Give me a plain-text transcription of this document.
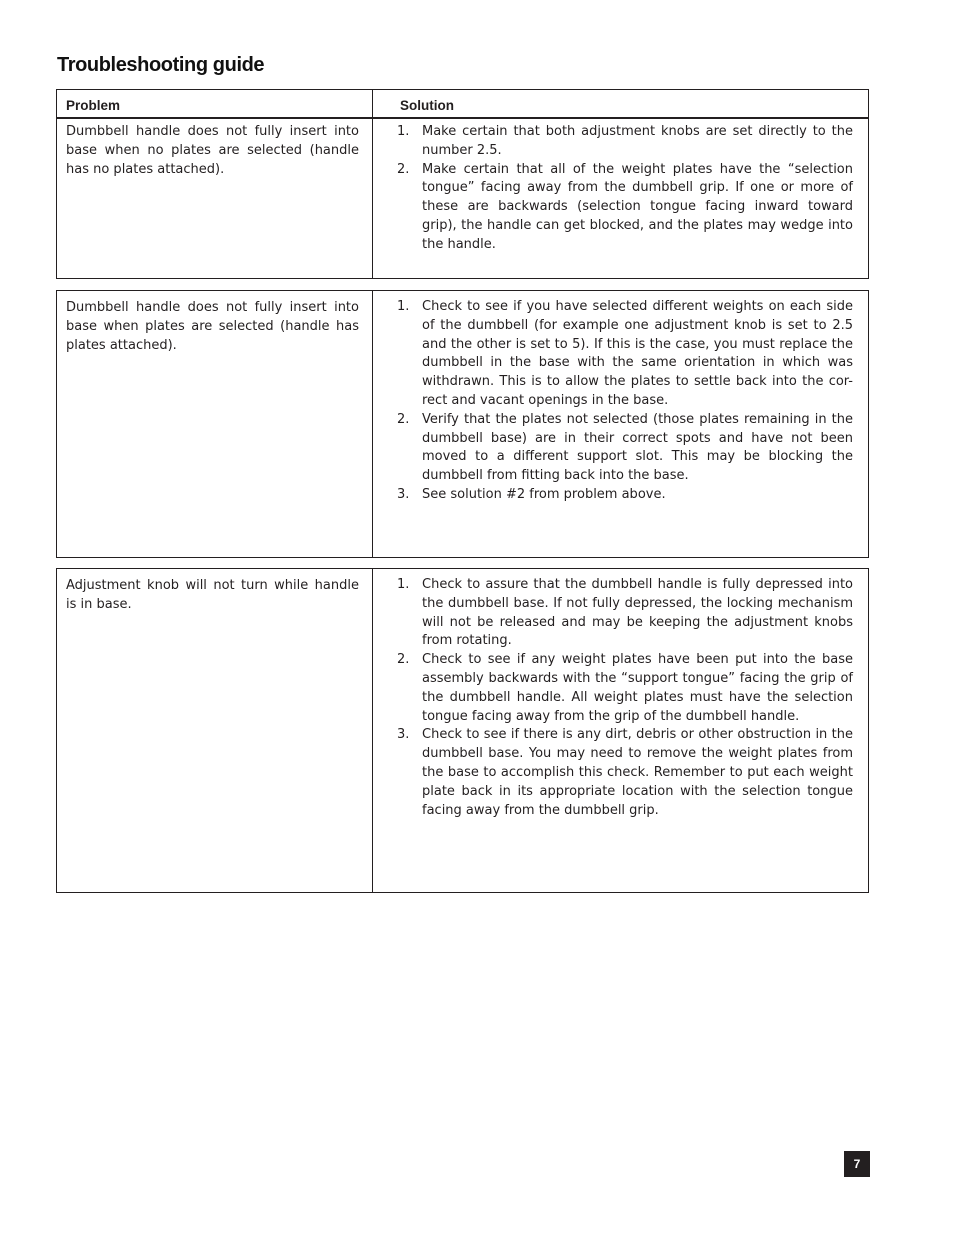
Troubleshooting guide
Problem	Solution
Dumbbell handle does not fully insert into base when no plates are selected (handle has no plates attached).
1. Make certain that both adjustment knobs are set directly to the number 2.5.
2. Make certain that all of the weight plates have the “selection tongue” facing away from the dumbbell grip. If one or more of these are backwards (selection tongue facing inward toward grip), the handle can get blocked, and the plates may wedge into the handle.
Dumbbell handle does not fully insert into base when plates are selected (handle has plates attached).
1. Check to see if you have selected different weights on each side of the dumbbell (for example one adjustment knob is set to 2.5 and the other is set to 5). If this is the case, you must replace the dumbbell in the base with the same orientation in which was withdrawn. This is to allow the plates to settle back into the cor-rect and vacant openings in the base.
2. Verify that the plates not selected (those plates remaining in the dumbbell base) are in their correct spots and have not been moved to a different support slot. This may be blocking the dumbbell from fitting back into the base.
3. See solution #2 from problem above.
Adjustment knob will not turn while handle is in base.
1. Check to assure that the dumbbell handle is fully depressed into the dumbbell base. If not fully depressed, the locking mechanism will not be released and may be keeping the adjustment knobs from rotating.
2. Check to see if any weight plates have been put into the base assembly backwards with the “support tongue” facing the grip of the dumbbell handle. All weight plates must have the selection tongue facing away from the grip of the dumbbell handle.
3. Check to see if there is any dirt, debris or other obstruction in the dumbbell base. You may need to remove the weight plates from the base to accomplish this check. Remember to put each weight plate back in its appropriate location with the selection tongue facing away from the dumbbell grip.
7
